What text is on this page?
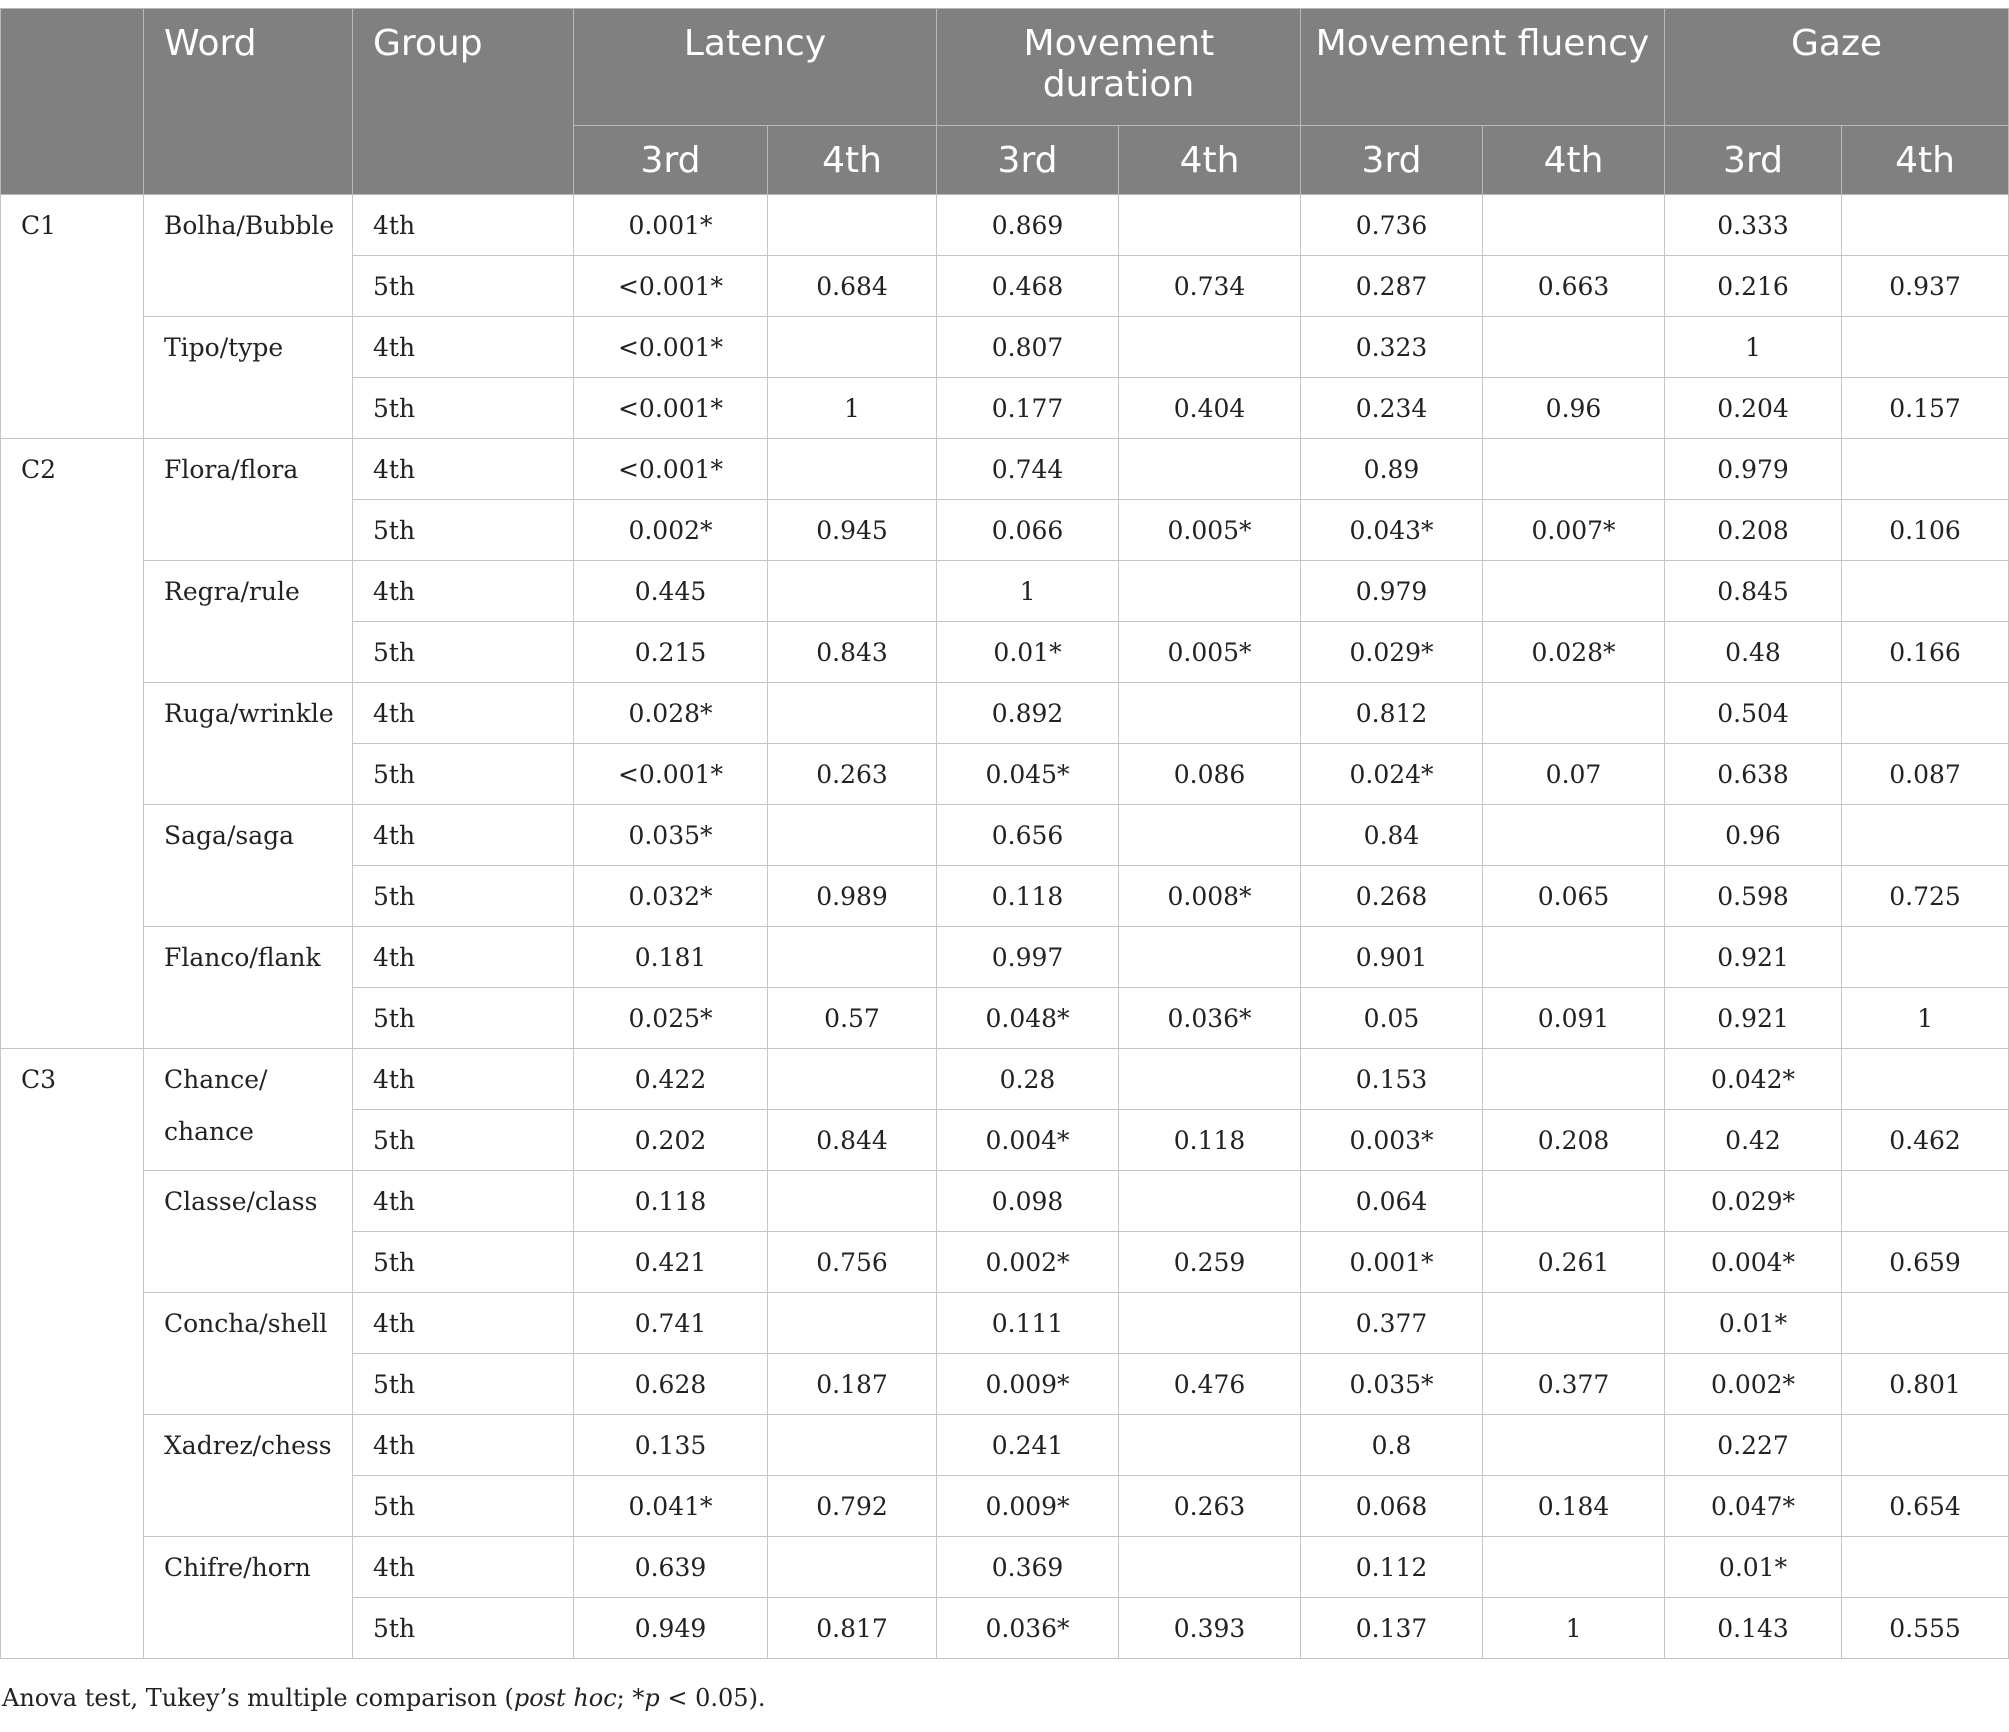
	Word	Group	Latency		Movement duration		Movement fluency		Gaze	
			3rd	4th	3rd	4th	3rd	4th	3rd	4th

C1	Bolha/Bubble	4th	0.001*		0.869		0.736		0.333	
		5th	<0.001*	0.684	0.468	0.734	0.287	0.663	0.216	0.937

	Tipo/type	4th	<0.001*		0.807		0.323		1	
		5th	<0.001*	1	0.177	0.404	0.234	0.96	0.204	0.157

C2	Flora/flora	4th	<0.001*		0.744		0.89		0.979	
		5th	0.002*	0.945	0.066	0.005*	0.043*	0.007*	0.208	0.106

	Regra/rule	4th	0.445		1		0.979		0.845	
		5th	0.215	0.843	0.01*	0.005*	0.029*	0.028*	0.48	0.166

	Ruga/wrinkle	4th	0.028*		0.892		0.812		0.504	
		5th	<0.001*	0.263	0.045*	0.086	0.024*	0.07	0.638	0.087

	Saga/saga	4th	0.035*		0.656		0.84		0.96	
		5th	0.032*	0.989	0.118	0.008*	0.268	0.065	0.598	0.725

	Flanco/flank	4th	0.181		0.997		0.901		0.921	
		5th	0.025*	0.57	0.048*	0.036*	0.05	0.091	0.921	1

C3	Chance/
chance	4th	0.422		0.28		0.153		0.042*	
		5th	0.202	0.844	0.004*	0.118	0.003*	0.208	0.42	0.462

	Classe/class	4th	0.118		0.098		0.064		0.029*	
		5th	0.421	0.756	0.002*	0.259	0.001*	0.261	0.004*	0.659

	Concha/shell	4th	0.741		0.111		0.377		0.01*	
		5th	0.628	0.187	0.009*	0.476	0.035*	0.377	0.002*	0.801

	Xadrez/chess	4th	0.135		0.241		0.8		0.227	
		5th	0.041*	0.792	0.009*	0.263	0.068	0.184	0.047*	0.654

	Chifre/horn	4th	0.639		0.369		0.112		0.01*	
		5th	0.949	0.817	0.036*	0.393	0.137	1	0.143	0.555
Anova test, Tukey’s multiple comparison (post hoc; *p < 0.05).
